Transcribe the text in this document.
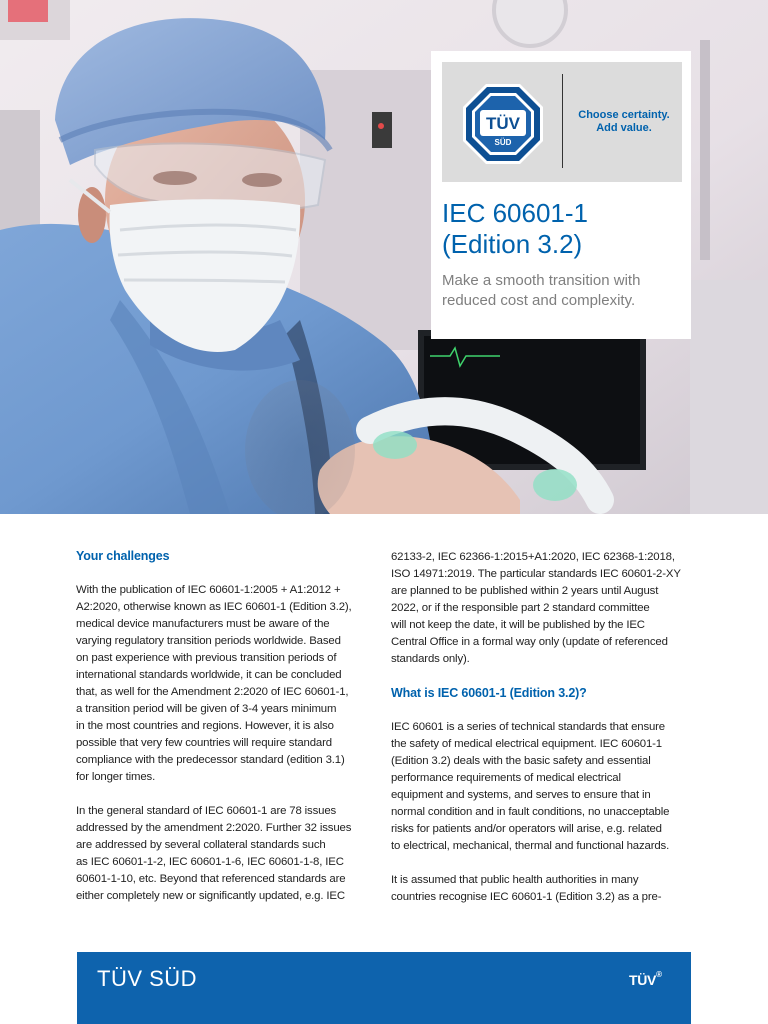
TÜV
SÜD
Choose certainty.
Add value.
IEC 60601-1
(Edition 3.2)
Make a smooth transition with
reduced cost and complexity.
Your challenges
With the publication of IEC 60601-1:2005 + A1:2012 +
A2:2020, otherwise known as IEC 60601-1 (Edition 3.2),
medical device manufacturers must be aware of the
varying regulatory transition periods worldwide. Based
on past experience with previous transition periods of
international standards worldwide, it can be concluded
that, as well for the Amendment 2:2020 of IEC 60601-1,
a transition period will be given of 3-4 years minimum
in the most countries and regions. However, it is also
possible that very few countries will require standard
compliance with the predecessor standard (edition 3.1)
for longer times.
In the general standard of IEC 60601-1 are 78 issues
addressed by the amendment 2:2020. Further 32 issues
are addressed by several collateral standards such
as IEC 60601-1-2, IEC 60601-1-6, IEC 60601-1-8, IEC
60601-1-10, etc. Beyond that referenced standards are
either completely new or significantly updated, e.g. IEC
62133-2, IEC 62366-1:2015+A1:2020, IEC 62368-1:2018,
ISO 14971:2019. The particular standards IEC 60601-2-XY
are planned to be published within 2 years until August
2022, or if the responsible part 2 standard committee
will not keep the date, it will be published by the IEC
Central Office in a formal way only (update of referenced
standards only).
What is IEC 60601-1 (Edition 3.2)?
IEC 60601 is a series of technical standards that ensure
the safety of medical electrical equipment. IEC 60601-1
(Edition 3.2) deals with the basic safety and essential
performance requirements of medical electrical
equipment and systems, and serves to ensure that in
normal condition and in fault conditions, no unacceptable
risks for patients and/or operators will arise, e.g. related
to electrical, mechanical, thermal and functional hazards.
It is assumed that public health authorities in many
countries recognise IEC 60601-1 (Edition 3.2) as a pre-
TÜV SÜD	TÜV®
